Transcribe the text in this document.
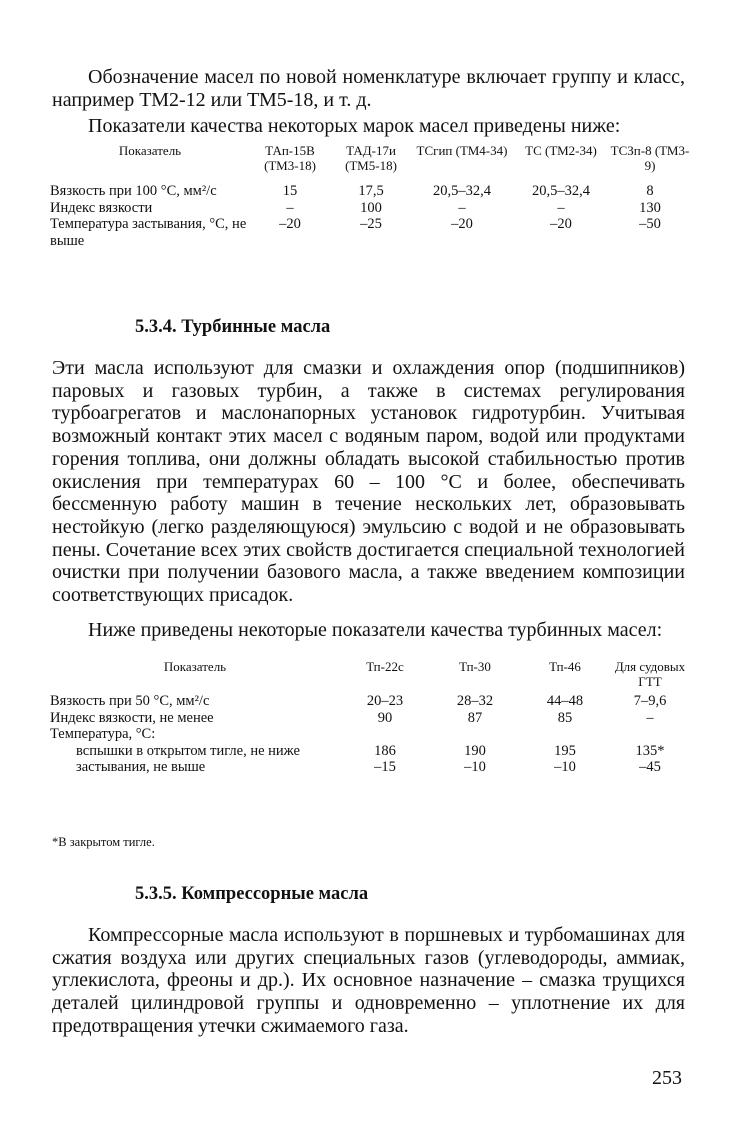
Обозначение масел по новой номенклатуре включает группу и класс, например ТМ2-12 или ТМ5-18, и т. д.

Показатели качества некоторых марок масел приведены ниже:

Показатель	ТАп-15В (ТМ3-18)	ТАД-17и (ТМ5-18)	ТСгип (ТМ4-34)	ТС (ТМ2-34)	ТСЗп-8 (ТМ3-9)
Вязкость при 100 °С, мм²/с	15	17,5	20,5–32,4	20,5–32,4	8
Индекс вязкости	–	100	–	–	130
Температура застывания, °С, не выше	–20	–25	–20	–20	–50
5.3.4. Турбинные масла

Эти масла используют для смазки и охлаждения опор (подшипников) паровых и газовых турбин, а также в системах регулирования турбоагрегатов и маслонапорных установок гидротурбин. Учитывая возможный контакт этих масел с водяным паром, водой или продуктами горения топлива, они должны обладать высокой стабильностью против окисления при температурах 60 – 100 °С и более, обеспечивать бессменную работу машин в течение нескольких лет, образовывать нестойкую (легко разделяющуюся) эмульсию с водой и не образовывать пены. Сочетание всех этих свойств достигается специальной технологией очистки при получении базового масла, а также введением композиции соответствующих присадок.

Ниже приведены некоторые показатели качества турбинных масел:

Показатель	Тп-22с	Тп-30	Тп-46	Для судовых ГТТ
Вязкость при 50 °С, мм²/с	20–23	28–32	44–48	7–9,6
Индекс вязкости, не менее	90	87	85	–
Температура, °С:				
вспышки в открытом тигле, не ниже	186	190	195	135*
застывания, не выше	–15	–10	–10	–45

*В закрытом тигле.

5.3.5. Компрессорные масла

Компрессорные масла используют в поршневых и турбомашинах для сжатия воздуха или других специальных газов (углеводороды, аммиак, углекислота, фреоны и др.). Их основное назначение – смазка трущихся деталей цилиндровой группы и одновременно – уплотнение их для предотвращения утечки сжимаемого газа.

253
